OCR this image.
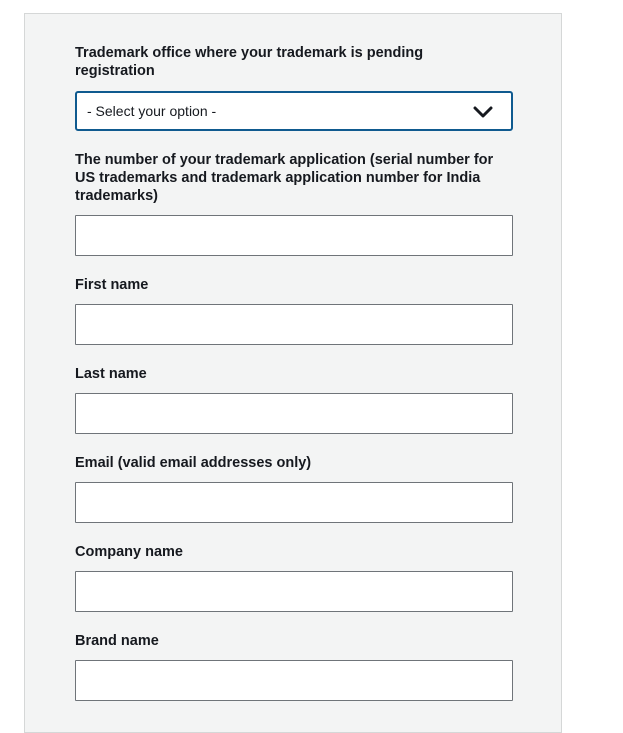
Trademark office where your trademark is pending registration

- Select your option -

The number of your trademark application (serial number for US trademarks and trademark application number for India trademarks)

First name

Last name

Email (valid email addresses only)

Company name

Brand name
